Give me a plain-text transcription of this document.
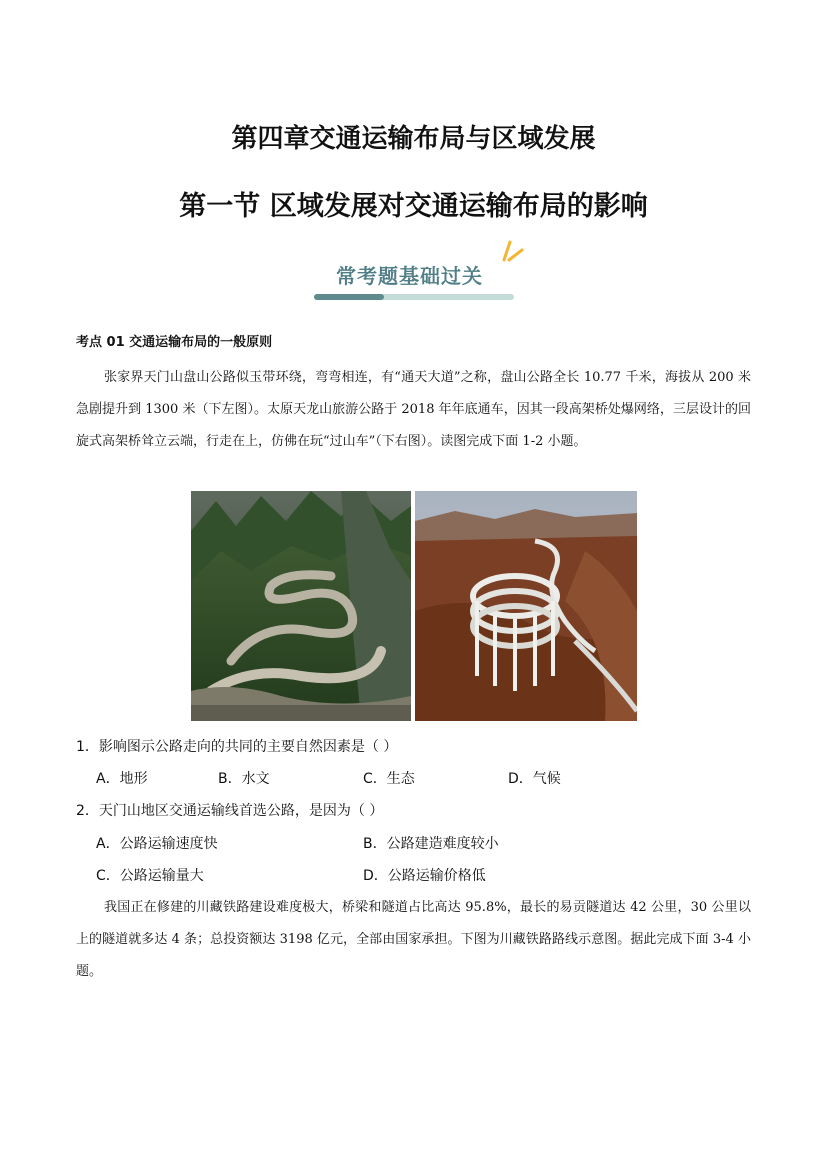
第四章交通运输布局与区域发展
第一节 区域发展对交通运输布局的影响
常考题基础过关
考点 01 交通运输布局的一般原则
张家界天门山盘山公路似玉带环绕，弯弯相连，有“通天大道”之称，盘山公路全长 10.77 千米，海拔从 200 米急剧提升到 1300 米（下左图）。太原天龙山旅游公路于 2018 年年底通车，因其一段高架桥处爆网络，三层设计的回旋式高架桥耸立云端，行走在上，仿佛在玩“过山车”（下右图）。读图完成下面 1-2 小题。
1．影响图示公路走向的共同的主要自然因素是（ ）
A．地形	B．水文	C．生态	D．气候
2．天门山地区交通运输线首选公路，是因为（ ）
A．公路运输速度快	B．公路建造难度较小
C．公路运输量大	D．公路运输价格低
我国正在修建的川藏铁路建设难度极大，桥梁和隧道占比高达 95.8%，最长的易贡隧道达 42 公里，30 公里以上的隧道就多达 4 条；总投资额达 3198 亿元，全部由国家承担。下图为川藏铁路路线示意图。据此完成下面 3-4 小题。
